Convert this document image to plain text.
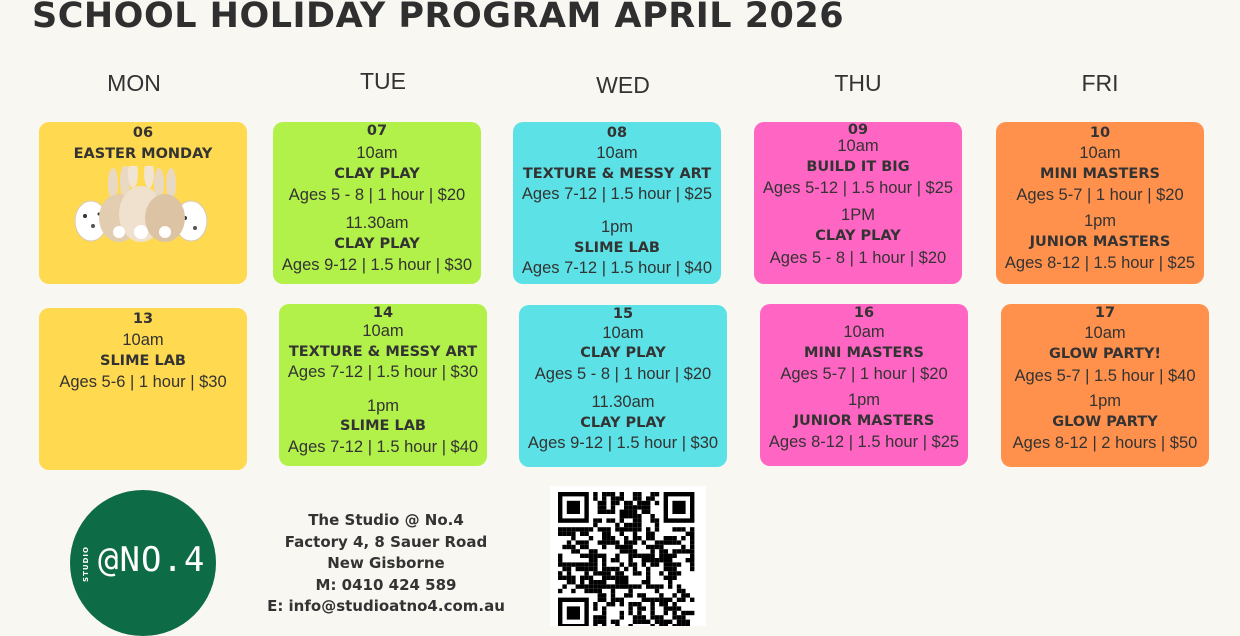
SCHOOL HOLIDAY PROGRAM APRIL 2026
MON	TUE	WED	THU	FRI
06
EASTER MONDAY
07
10am
CLAY PLAY
Ages 5 - 8 | 1 hour | $20
11.30am
CLAY PLAY
Ages 9-12 | 1.5 hour | $30
08
10am
TEXTURE & MESSY ART
Ages 7-12 | 1.5 hour | $25
1pm
SLIME LAB
Ages 7-12 | 1.5 hour | $40
09
10am
BUILD IT BIG
Ages 5-12 | 1.5 hour | $25
1PM
CLAY PLAY
Ages 5 - 8 | 1 hour | $20
10
10am
MINI MASTERS
Ages 5-7 | 1 hour | $20
1pm
JUNIOR MASTERS
Ages 8-12 | 1.5 hour | $25
13
10am
SLIME LAB
Ages 5-6 | 1 hour | $30
14
10am
TEXTURE & MESSY ART
Ages 7-12 | 1.5 hour | $30
1pm
SLIME LAB
Ages 7-12 | 1.5 hour | $40
15
10am
CLAY PLAY
Ages 5 - 8 | 1 hour | $20
11.30am
CLAY PLAY
Ages 9-12 | 1.5 hour | $30
16
10am
MINI MASTERS
Ages 5-7 | 1 hour | $20
1pm
JUNIOR MASTERS
Ages 8-12 | 1.5 hour | $25
17
10am
GLOW PARTY!
Ages 5-7 | 1.5 hour | $40
1pm
GLOW PARTY
Ages 8-12 | 2 hours | $50
STUDIO @NO.4
The Studio @ No.4
Factory 4, 8 Sauer Road
New Gisborne
M: 0410 424 589
E: info@studioatno4.com.au
